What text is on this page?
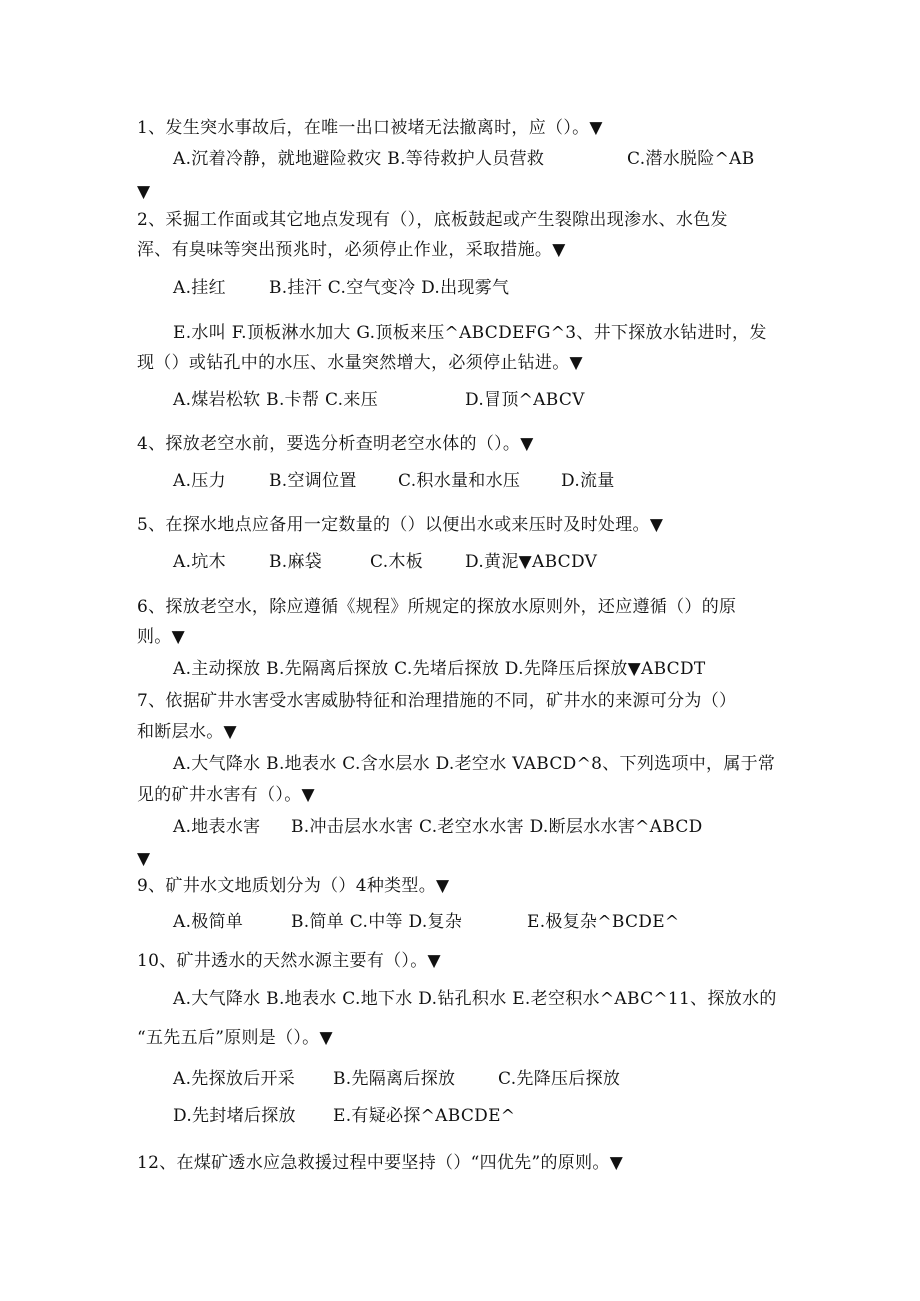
1、发生突水事故后，在唯一出口被堵无法撤离时，应（）。▼
A.沉着冷静，就地避险救灾 B.等待救护人员营救	C.潜水脱险^AB
▼
2、采掘工作面或其它地点发现有（），底板鼓起或产生裂隙出现渗水、水色发
浑、有臭味等突出预兆时，必须停止作业，采取措施。▼
A.挂红	B.挂汗 C.空气变冷 D.出现雾气
E.水叫 F.顶板淋水加大 G.顶板来压^ABCDEFG^3、井下探放水钻进时，发
现（）或钻孔中的水压、水量突然增大，必须停止钻进。▼
A.煤岩松软 B.卡帮 C.来压	D.冒顶^ABCV
4、探放老空水前，要选分析查明老空水体的（）。▼
A.压力	B.空调位置 C.积水量和水压 D.流量
5、在探水地点应备用一定数量的（）以便出水或来压时及时处理。▼
A.坑木	B.麻袋	C.木板 D.黄泥▼ABCDV
6、探放老空水，除应遵循《规程》所规定的探放水原则外，还应遵循（）的原
则。▼
A.主动探放 B.先隔离后探放 C.先堵后探放 D.先降压后探放▼ABCDT
7、依据矿井水害受水害威胁特征和治理措施的不同，矿井水的来源可分为（）
和断层水。▼
A.大气降水 B.地表水 C.含水层水 D.老空水 VABCD^8、下列选项中，属于常
见的矿井水害有（）。▼
A.地表水害 B.冲击层水水害 C.老空水水害 D.断层水水害^ABCD
▼
9、矿井水文地质划分为（）4种类型。▼
A.极简单	B.简单 C.中等 D.复杂	E.极复杂^BCDE^
10、矿井透水的天然水源主要有（）。▼
A.大气降水 B.地表水 C.地下水 D.钻孔积水 E.老空积水^ABC^11、探放水的
“五先五后”原则是（）。▼
A.先探放后开采 B.先隔离后探放	C.先降压后探放
D.先封堵后探放 E.有疑必探^ABCDE^
12、在煤矿透水应急救援过程中要坚持（）“四优先”的原则。▼
